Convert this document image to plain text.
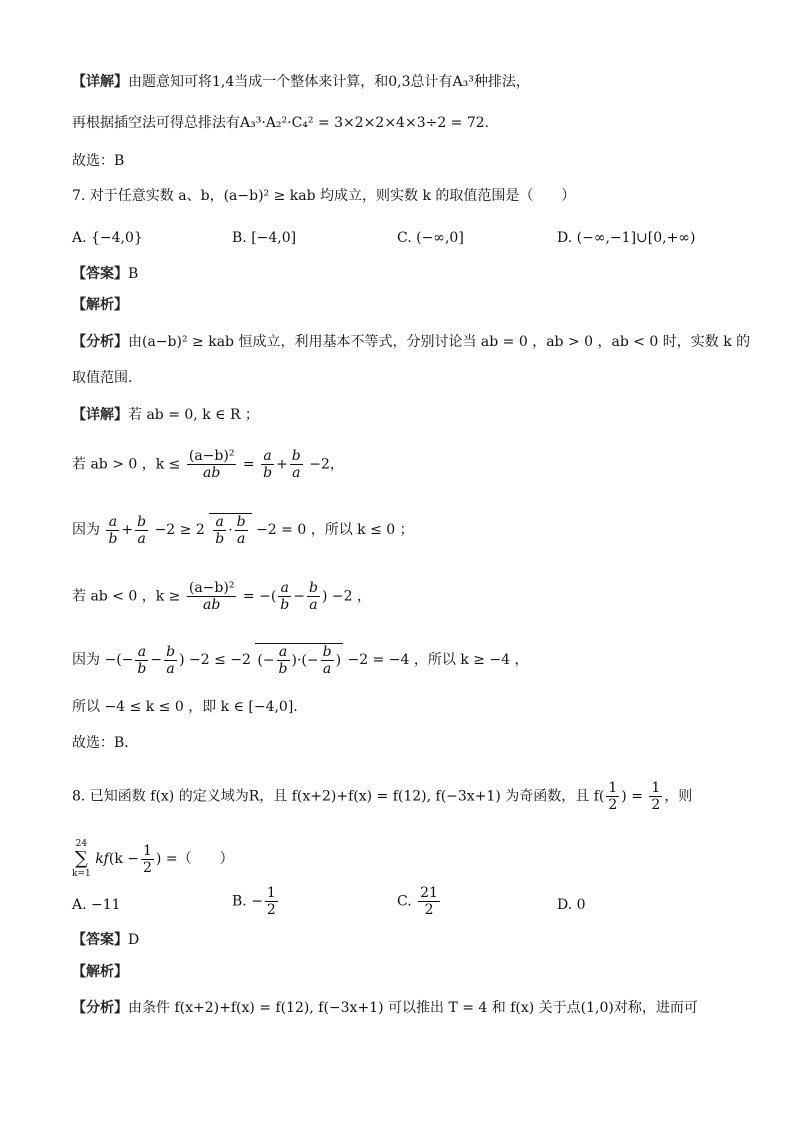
【详解】由题意知可将1,4当成一个整体来计算，和0,3总计有A₃³种排法，
再根据插空法可得总排法有A₃³·A₂²·C₄² = 3×2×2×4×3÷2 = 72.
故选：B
7. 对于任意实数 a、b，(a−b)² ≥ kab 均成立，则实数 k 的取值范围是（　　）
A. {−4,0}	B. [−4,0]	C. (−∞,0]	D. (−∞,−1]∪[0,+∞)
【答案】B
【解析】
【分析】由(a−b)² ≥ kab 恒成立，利用基本不等式，分别讨论当 ab = 0 ，ab > 0 ，ab < 0 时，实数 k 的
取值范围.
【详解】若 ab = 0, k ∈ R ；
若 ab > 0 ，$k \le \frac{\text{(a−b)²}}{ab} = \frac{a}{b} + \frac{b}{a} -2$，
因为 $\frac{a}{b} + \frac{b}{a} -2 \ge 2 \frac{a}{b} \cdot \frac{b}{a} -2 = 0$ ，所以 k ≤ 0 ；
若 ab < 0 ，$k \ge \frac{\text{(a−b)²}}{ab}$ = −( $\frac{a}{b} - \frac{b}{a}$ ) −2 ，
因为 −(− $\frac{a}{b} - \frac{b}{a}$ ) −2 ≤ −2 (− $\frac{a}{b}$ )·(− $\frac{b}{a}$ ) −2 = −4 ，所以 k ≥ −4 ，
所以 −4 ≤ k ≤ 0 ，即 k ∈ [−4,0].
故选：B．
8. 已知函数 f(x) 的定义域为R，且 f(x+2)+f(x) = f(12), f(−3x+1) 为奇函数，且 $f( \frac{1}{2}$ ) = $\frac{1}{2}$ ，则
24
∑
k=1
$kf(k - \frac{1}{2}$ ) =（　　）
A. −11	B. − $\frac{1}{2}$	C. $\frac{21}{2}$	D. 0
【答案】D
【解析】
【分析】由条件 f(x+2)+f(x) = f(12), f(−3x+1) 可以推出 T = 4 和 f(x) 关于点(1,0)对称，进而可
